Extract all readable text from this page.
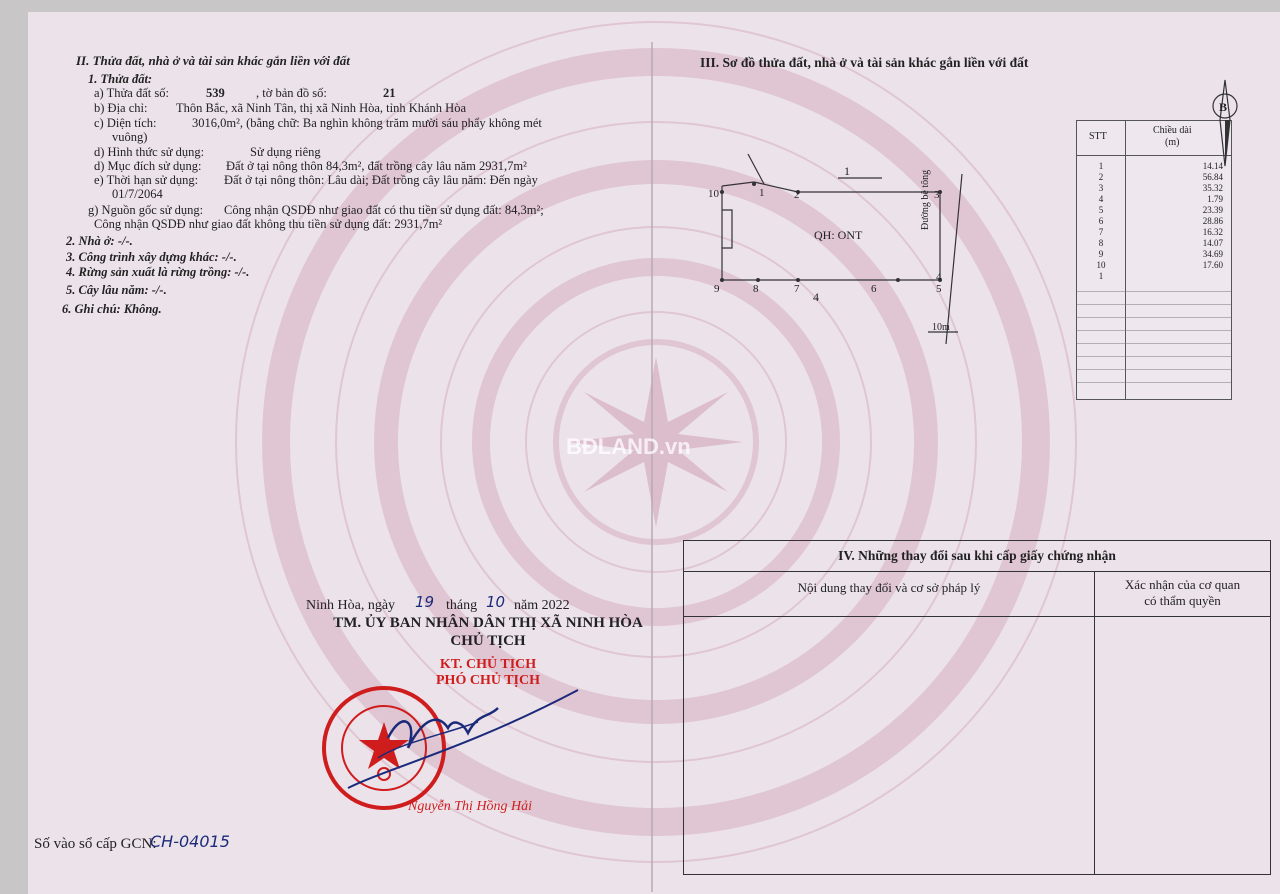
II. Thửa đất, nhà ở và tài sản khác gắn liền với đất
1. Thửa đất:
a) Thửa đất số:	539	, tờ bản đồ số:	21
b) Địa chỉ: Thôn Bắc, xã Ninh Tân, thị xã Ninh Hòa, tỉnh Khánh Hòa
c) Diện tích:	3016,0m², (bằng chữ: Ba nghìn không trăm mười sáu phẩy không mét
vuông)
d) Hình thức sử dụng:	Sử dụng riêng
d) Mục đích sử dụng: Đất ở tại nông thôn 84,3m², đất trồng cây lâu năm 2931,7m²
e) Thời hạn sử dụng: Đất ở tại nông thôn: Lâu dài; Đất trồng cây lâu năm: Đến ngày
01/7/2064
g) Nguồn gốc sử dụng: Công nhận QSDĐ như giao đất có thu tiền sử dụng đất: 84,3m²;
Công nhận QSDĐ như giao đất không thu tiền sử dụng đất: 2931,7m²
2. Nhà ở: -/-.
3. Công trình xây dựng khác: -/-.
4. Rừng sản xuất là rừng trồng: -/-.
5. Cây lâu năm: -/-.
6. Ghi chú: Không.
Ninh Hòa, ngày 19 tháng 10 năm 2022
TM. ỦY BAN NHÂN DÂN THỊ XÃ NINH HÒA
CHỦ TỊCH
KT. CHỦ TỊCH
PHÓ CHỦ TỊCH
Nguyễn Thị Hồng Hải
Số vào sổ cấp GCN:
CH-04015
III. Sơ đồ thửa đất, nhà ở và tài sản khác gắn liền với đất
10	1	2	3
4
5
6
7
8
9
1
4
QH: ONT
Đường bê tông
10m
STT
Chiều dài
(m)
1	14.14
2	56.84
3	35.32
4	1.79
5	23.39
6	28.86
7	16.32
8	14.07
9	34.69
10	17.60
1
B
BĐLAND.vn
IV. Những thay đổi sau khi cấp giấy chứng nhận
Nội dung thay đổi và cơ sở pháp lý	Xác nhận của cơ quan
có thẩm quyền
